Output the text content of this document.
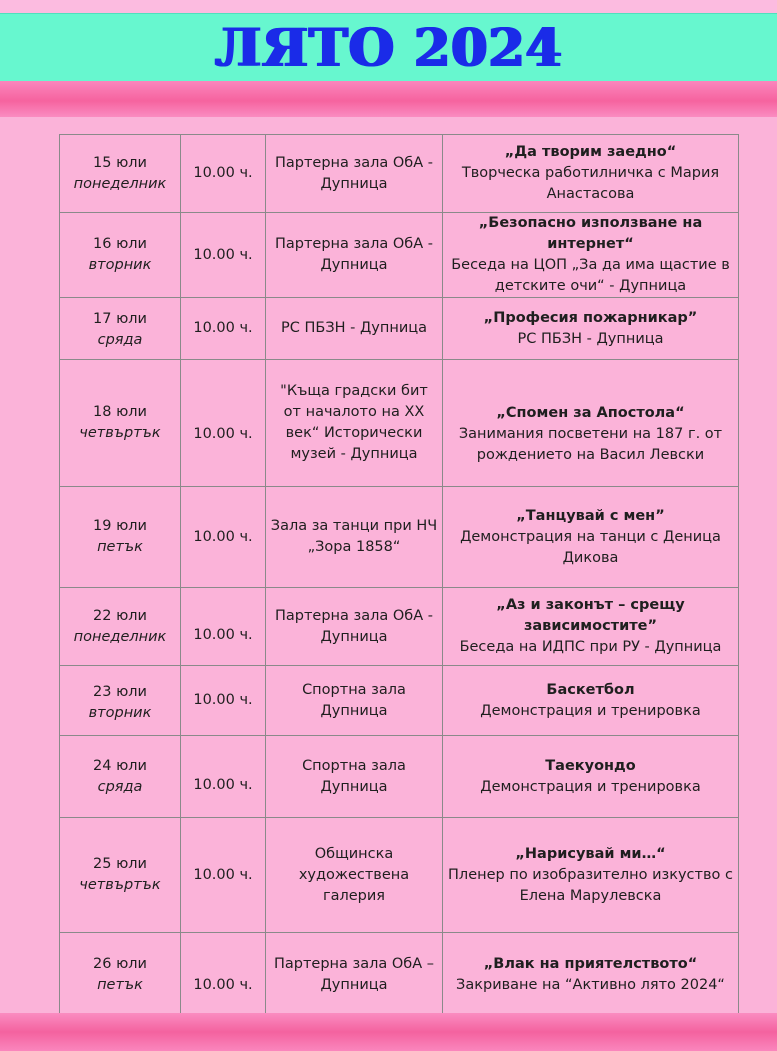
ЛЯТО 2024
15 юли
понеделник	10.00 ч.	Партерна зала ОбА - Дупница	„Да творим заедно“
Творческа работилничка с Мария Анастасова

16 юли
вторник	10.00 ч.	Партерна зала ОбА - Дупница	„Безопасно използване на интернет“
Беседа на ЦОП „За да има щастие в детските очи“ - Дупница

17 юли
сряда	10.00 ч.	РС ПБЗН - Дупница	„Професия пожарникар”
РС ПБЗН - Дупница

18 юли
четвъртък	10.00 ч.	"Къща градски бит от началото на XX век“ Исторически музей - Дупница	„Спомен за Апостола“
Занимания посветени на 187 г. от рождението на Васил Левски

19 юли
петък	10.00 ч.	Зала за танци при НЧ „Зора 1858“	„Танцувай с мен”
Демонстрация на танци с Деница Дикова

22 юли
понеделник	10.00 ч.	Партерна зала ОбА - Дупница	„Аз и законът – срещу зависимостите”
Беседа на ИДПС при РУ - Дупница

23 юли
вторник	10.00 ч.	Спортна зала Дупница	Баскетбол
Демонстрация и тренировка

24 юли
сряда	10.00 ч.	Спортна зала Дупница	Таекуондо
Демонстрация и тренировка

25 юли
четвъртък	10.00 ч.	Общинска художествена галерия	„Нарисувай ми…“
Пленер по изобразително изкуство с Елена Марулевска

26 юли
петък	10.00 ч.	Партерна зала ОбА – Дупница	„Влак на приятелството“
Закриване на “Активно лято 2024“
